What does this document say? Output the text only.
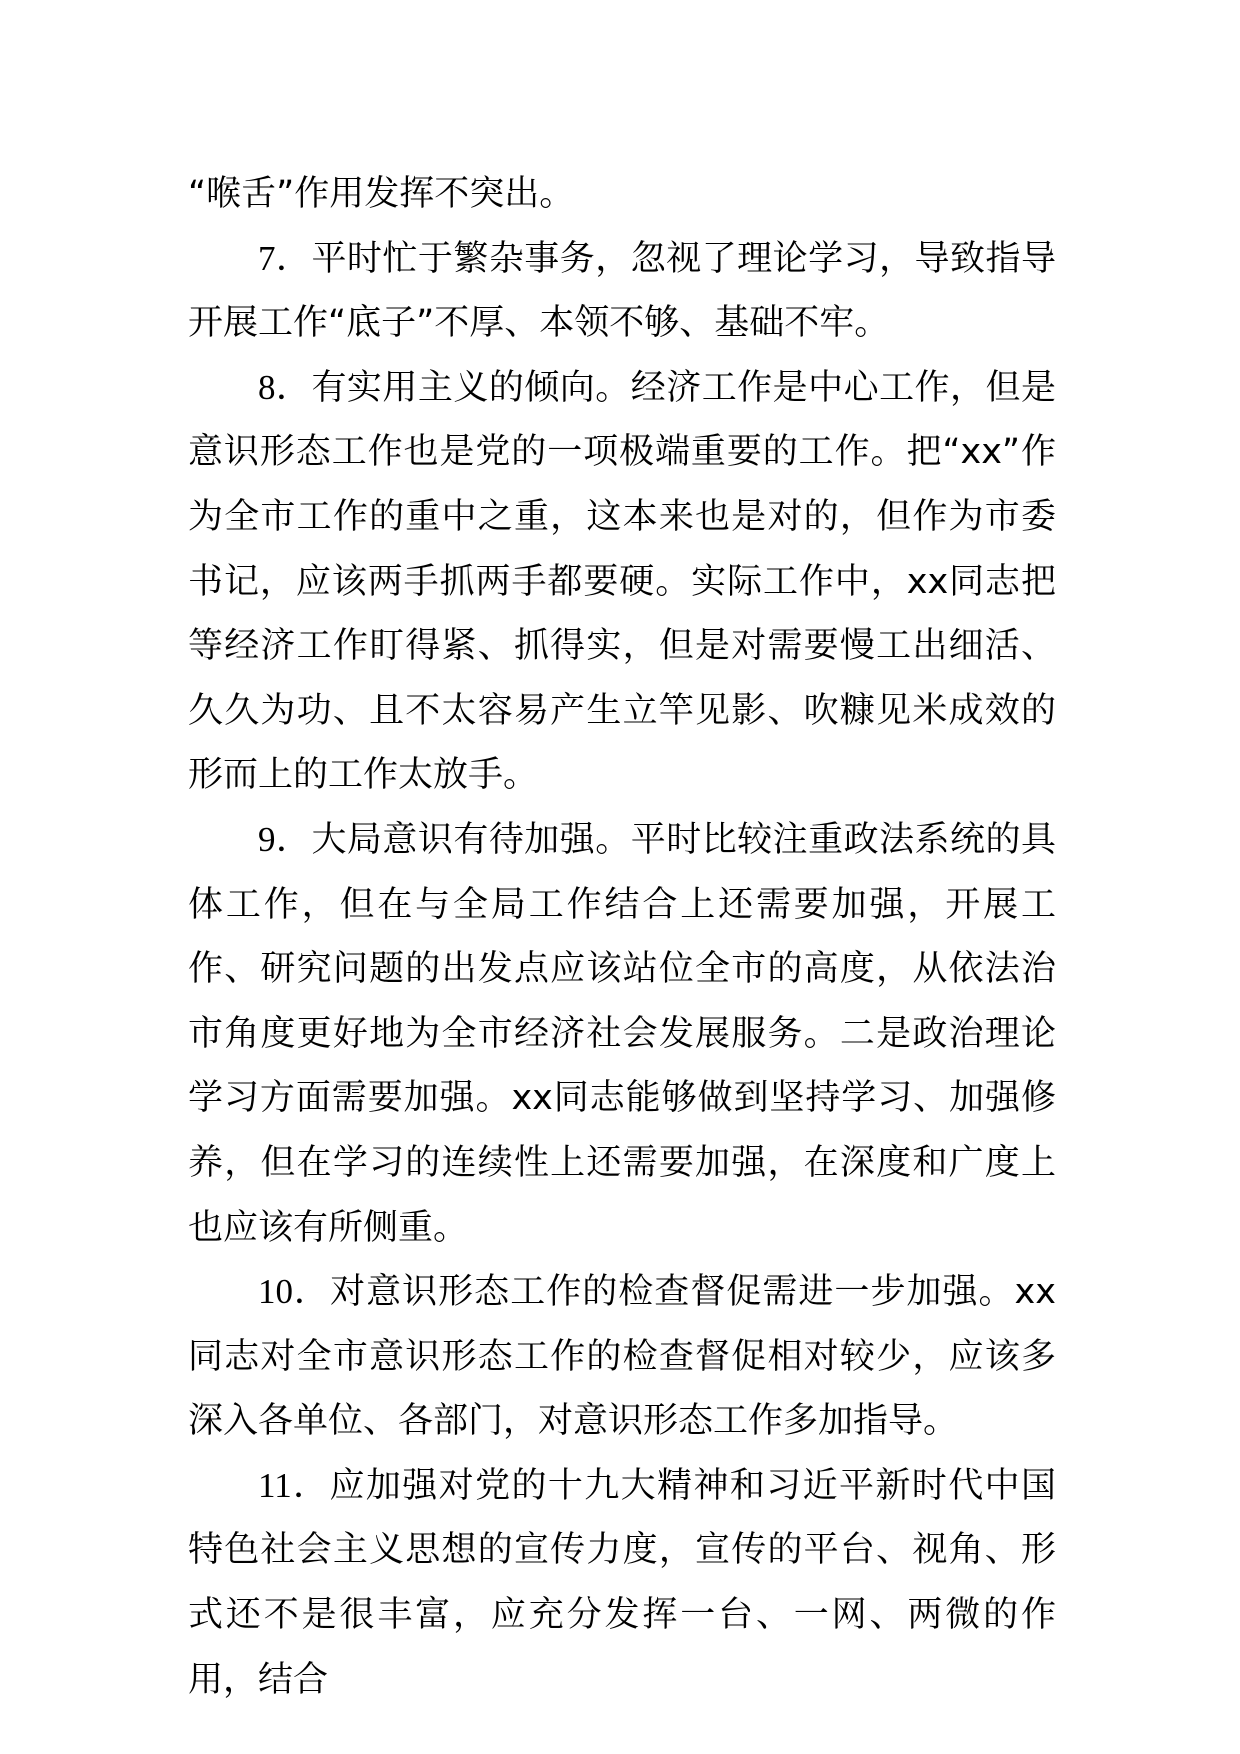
“喉舌”作用发挥不突出。

7．平时忙于繁杂事务，忽视了理论学习，导致指导开展工作“底子”不厚、本领不够、基础不牢。

8．有实用主义的倾向。经济工作是中心工作，但是意识形态工作也是党的一项极端重要的工作。把“xx”作为全市工作的重中之重，这本来也是对的，但作为市委书记，应该两手抓两手都要硬。实际工作中，xx同志把等经济工作盯得紧、抓得实，但是对需要慢工出细活、久久为功、且不太容易产生立竿见影、吹糠见米成效的形而上的工作太放手。

9．大局意识有待加强。平时比较注重政法系统的具体工作，但在与全局工作结合上还需要加强，开展工作、研究问题的出发点应该站位全市的高度，从依法治市角度更好地为全市经济社会发展服务。二是政治理论学习方面需要加强。xx同志能够做到坚持学习、加强修养，但在学习的连续性上还需要加强，在深度和广度上也应该有所侧重。

10．对意识形态工作的检查督促需进一步加强。xx同志对全市意识形态工作的检查督促相对较少，应该多深入各单位、各部门，对意识形态工作多加指导。

11．应加强对党的十九大精神和习近平新时代中国特色社会主义思想的宣传力度，宣传的平台、视角、形式还不是很丰富，应充分发挥一台、一网、两微的作用，结合
